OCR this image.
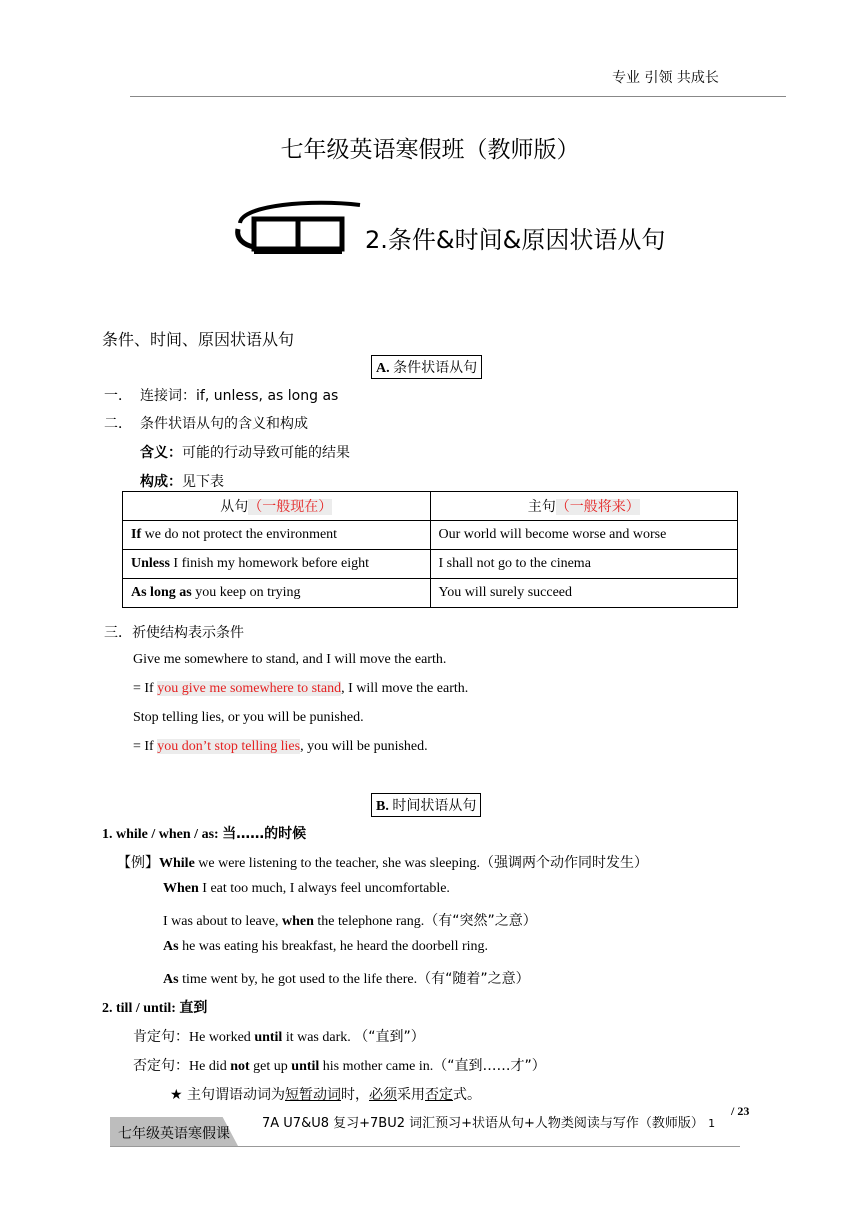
专业 引领 共成长
七年级英语寒假班（教师版）
2.条件&时间&原因状语从句
条件、时间、原因状语从句
A. 条件状语从句
一． 连接词：if, unless, as long as
二． 条件状语从句的含义和构成
含义：可能的行动导致可能的结果
构成：见下表
从句（一般现在）	主句（一般将来）
If we do not protect the environment	Our world will become worse and worse
Unless I finish my homework before eight	I shall not go to the cinema
As long as you keep on trying	You will surely succeed
三．祈使结构表示条件
Give me somewhere to stand, and I will move the earth.
= If you give me somewhere to stand, I will move the earth.
Stop telling lies, or you will be punished.
= If you don’t stop telling lies, you will be punished.
B. 时间状语从句
1. while / when / as: 当……的时候
【例】While we were listening to the teacher, she was sleeping.（强调两个动作同时发生）
When I eat too much, I always feel uncomfortable.
I was about to leave, when the telephone rang.（有“突然”之意）
As he was eating his breakfast, he heard the doorbell ring.
As time went by, he got used to the life there.（有“随着”之意）
2. till / until: 直到
肯定句：He worked until it was dark. （“直到”）
否定句：He did not get up until his mother came in.（“直到……才”）
★ 主句谓语动词为短暂动词时，必须采用否定式。
七年级英语寒假课
7A U7&U8 复习+7BU2 词汇预习+状语从句+人物类阅读与写作（教师版） 1
/ 23
